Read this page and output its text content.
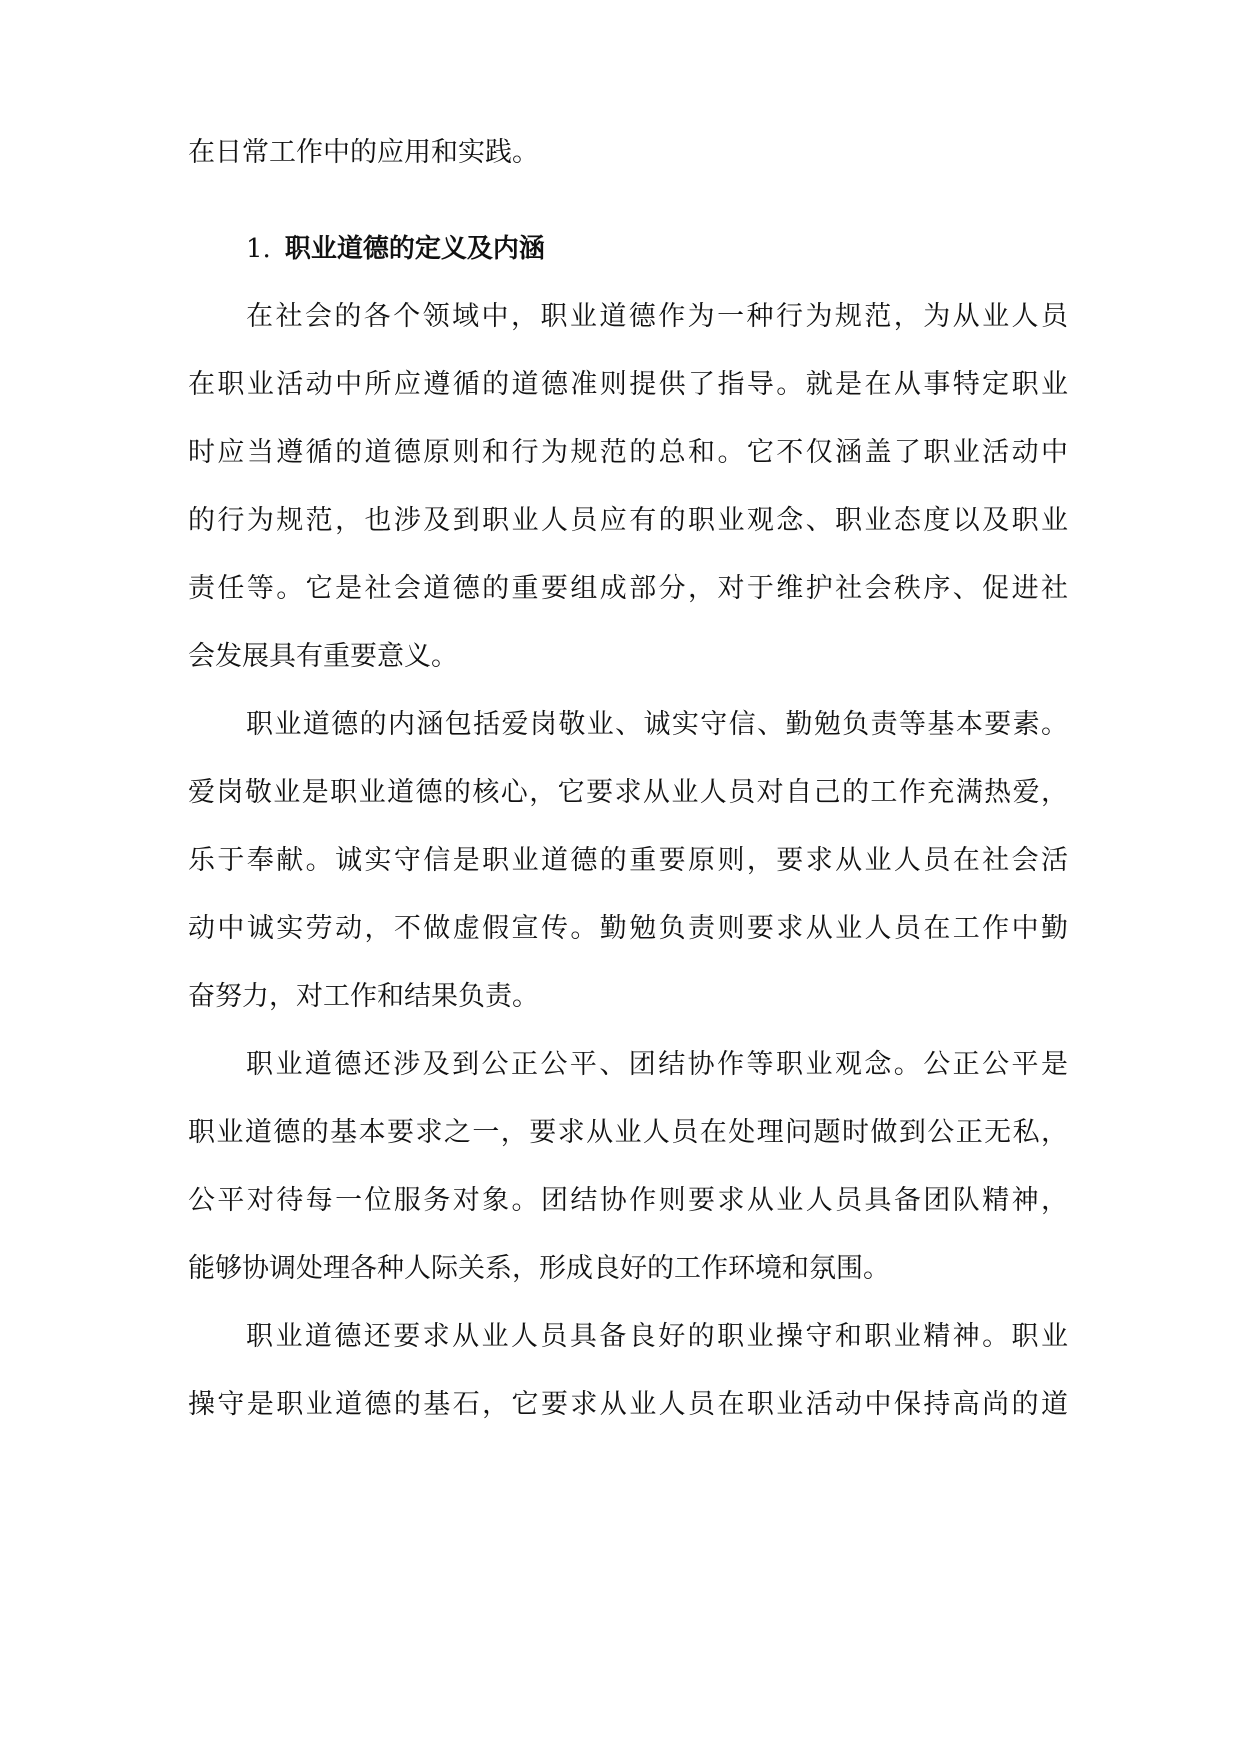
在日常工作中的应用和实践。
1. 职业道德的定义及内涵
在社会的各个领域中，职业道德作为一种行为规范，为从业人员
在职业活动中所应遵循的道德准则提供了指导。就是在从事特定职业
时应当遵循的道德原则和行为规范的总和。它不仅涵盖了职业活动中
的行为规范，也涉及到职业人员应有的职业观念、职业态度以及职业
责任等。它是社会道德的重要组成部分，对于维护社会秩序、促进社
会发展具有重要意义。
职业道德的内涵包括爱岗敬业、诚实守信、勤勉负责等基本要素。
爱岗敬业是职业道德的核心，它要求从业人员对自己的工作充满热爱，
乐于奉献。诚实守信是职业道德的重要原则，要求从业人员在社会活
动中诚实劳动，不做虚假宣传。勤勉负责则要求从业人员在工作中勤
奋努力，对工作和结果负责。
职业道德还涉及到公正公平、团结协作等职业观念。公正公平是
职业道德的基本要求之一，要求从业人员在处理问题时做到公正无私，
公平对待每一位服务对象。团结协作则要求从业人员具备团队精神，
能够协调处理各种人际关系，形成良好的工作环境和氛围。
职业道德还要求从业人员具备良好的职业操守和职业精神。职业
操守是职业道德的基石，它要求从业人员在职业活动中保持高尚的道
